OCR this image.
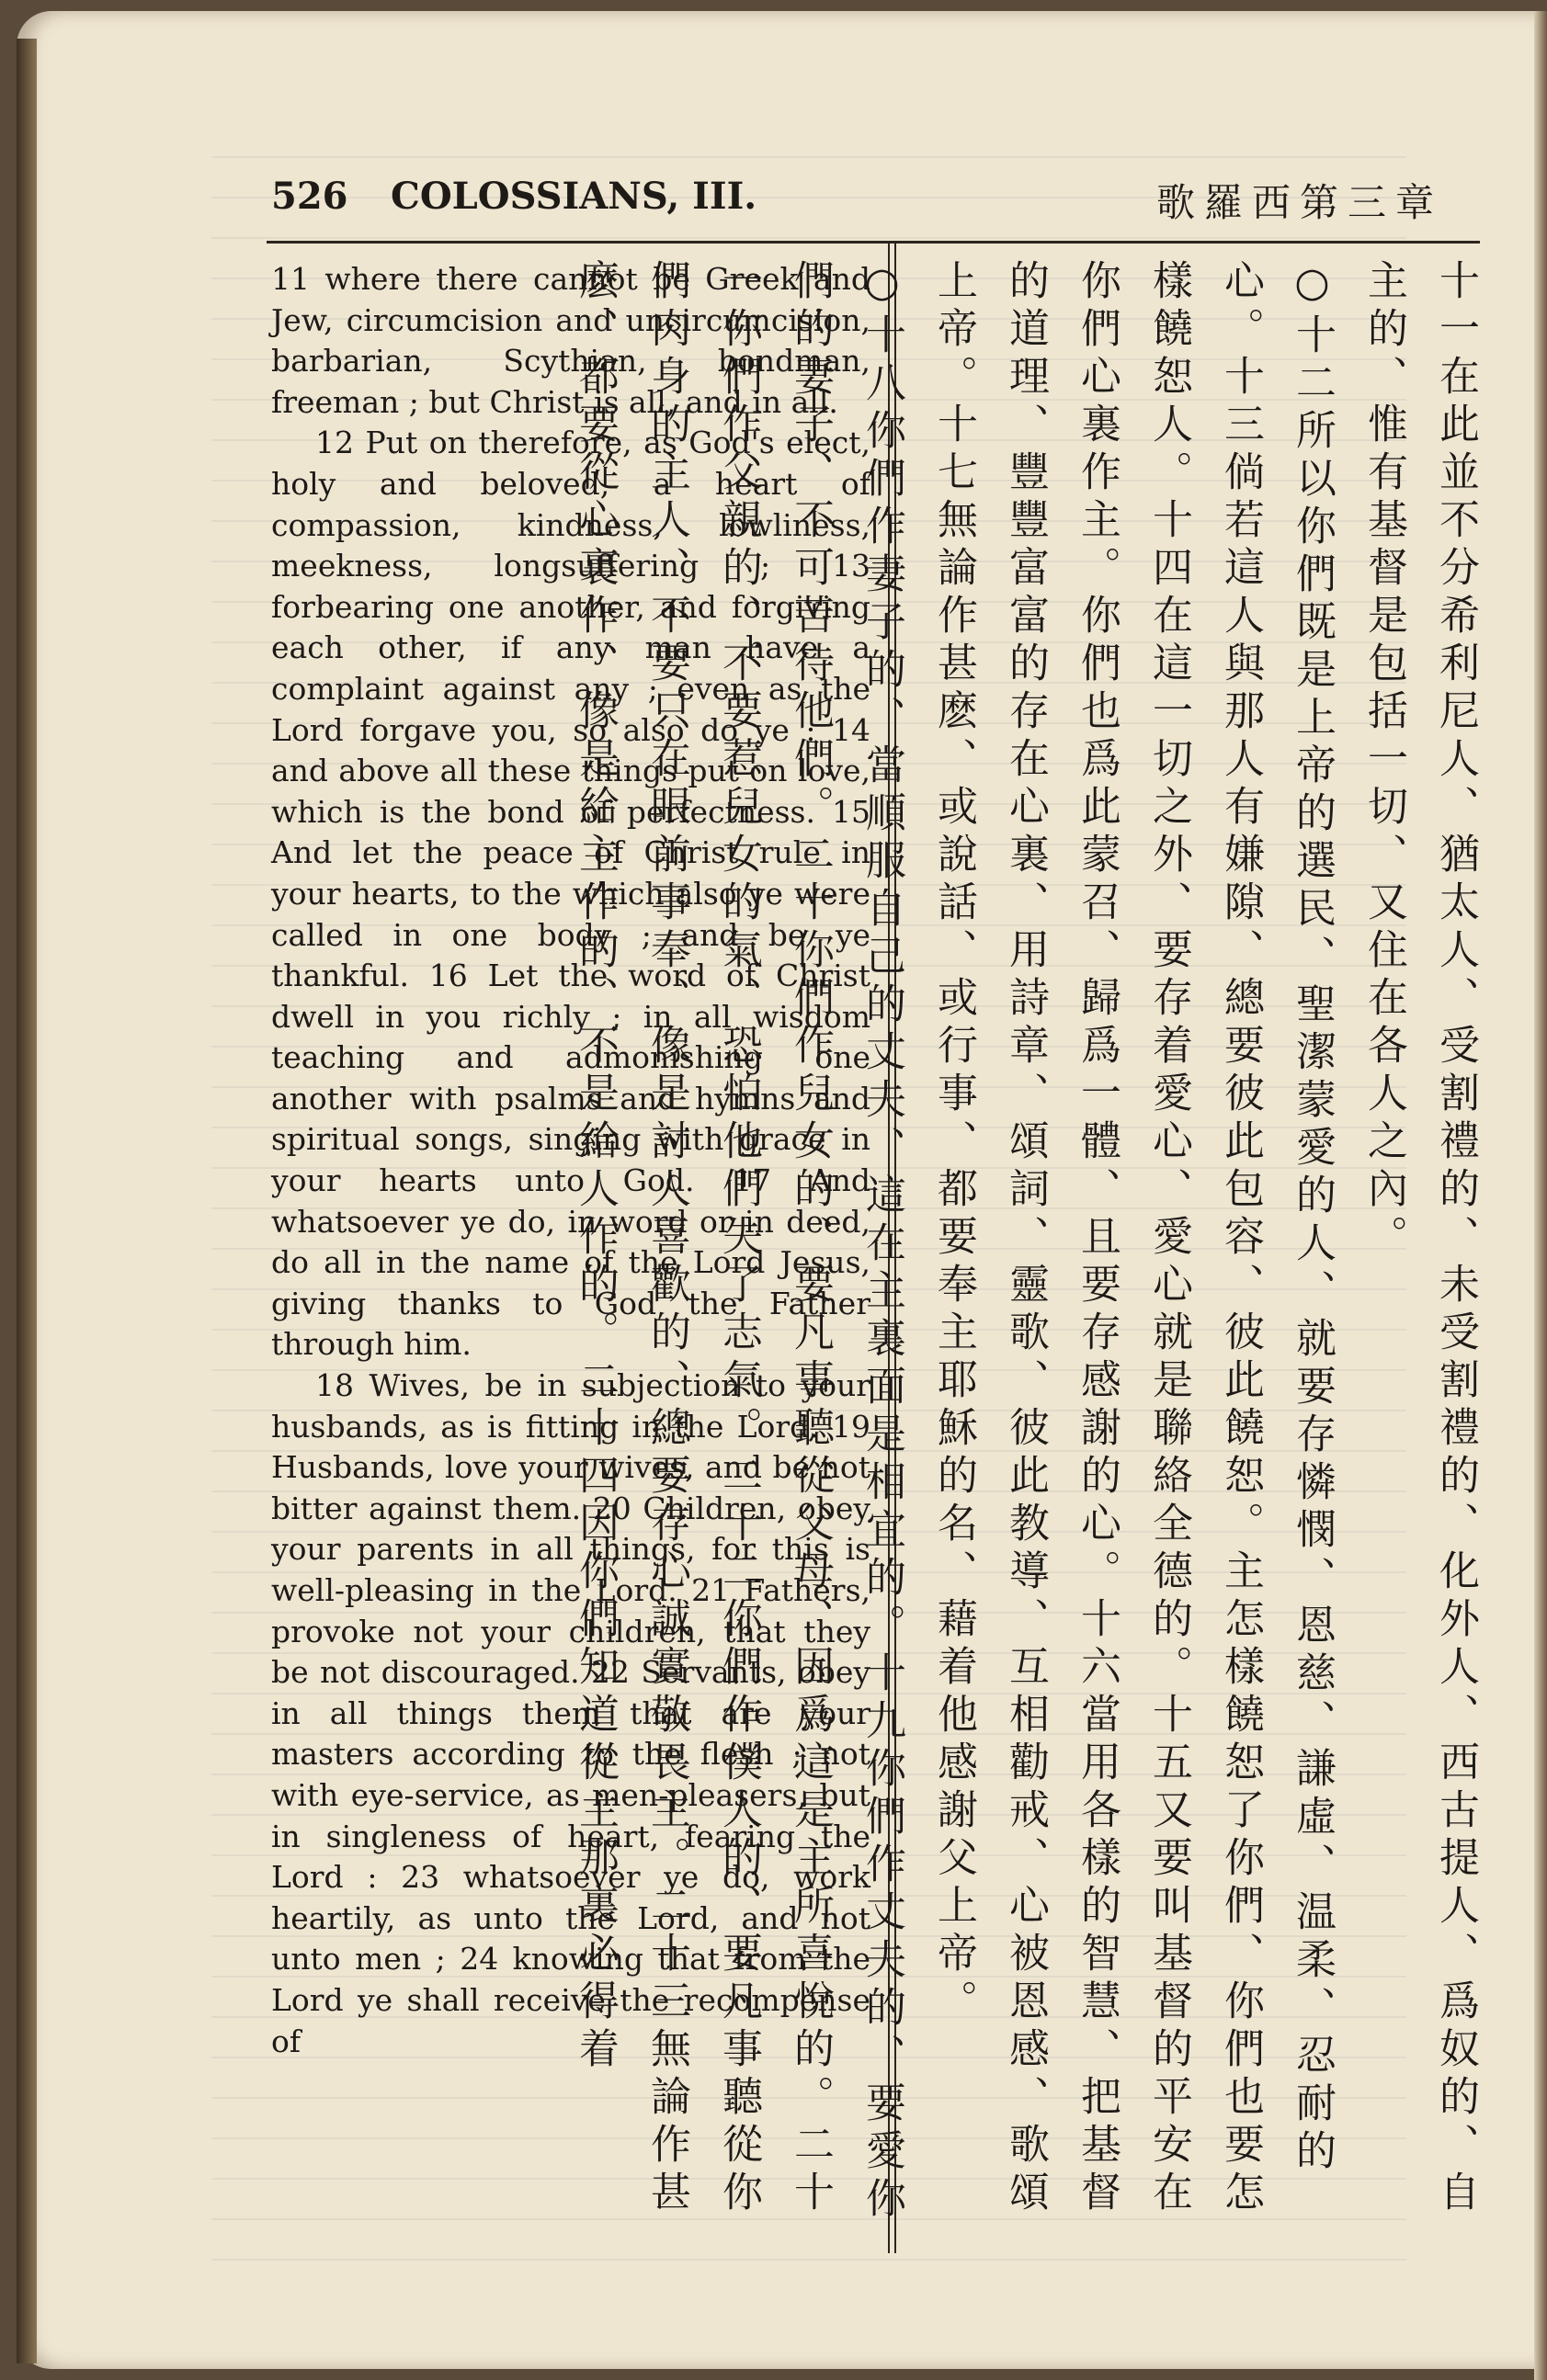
526 COLOSSIANS, III.	歌羅西第三章

11 where there cannot be Greek and Jew, circumcision and uncircumcision, barbarian, Scythian, bondman, freeman ; but Christ is all, and in all.

12 Put on therefore, as God's elect, holy and beloved, a heart of compassion, kindness, lowliness, meekness, longsuffering ; 13 forbearing one another, and forgiving each other, if any man have a complaint against any ; even as the Lord forgave you, so also do ye : 14 and above all these things put on love, which is the bond of perfectness. 15 And let the peace of Christ rule in your hearts, to the which also ye were called in one body ; and be ye thankful. 16 Let the word of Christ dwell in you richly ; in all wisdom teaching and admonishing one another with psalms and hymns and spiritual songs, singing with grace in your hearts unto God. 17 And whatsoever ye do, in word or in deed, do all in the name of the Lord Jesus, giving thanks to God the Father through him.

18 Wives, be in subjection to your husbands, as is fitting in the Lord. 19 Husbands, love your wives, and be not bitter against them. 20 Children, obey your parents in all things, for this is well-pleasing in the Lord. 21 Fathers, provoke not your children, that they be not discouraged. 22 Servants, obey in all things them that are your masters according to the flesh ; not with eye-service, as men-pleasers, but in singleness of heart, fearing the Lord : 23 whatsoever ye do, work heartily, as unto the Lord, and not unto men ; 24 knowing that from the Lord ye shall receive the recompense of	十一在此並不分希利尼人、猶太人、受割禮的、未受割禮的、化外人、西古提人、爲奴的、自主的、惟有基督是包括一切、又住在各人之內。

○十二所以你們既是上帝的選民、聖潔蒙愛的人、就要存憐憫、恩慈、謙虛、温柔、忍耐的心。十三倘若這人與那人有嫌隙、總要彼此包容、彼此饒恕。主怎樣饒恕了你們、你們也要怎樣饒恕人。十四在這一切之外、要存着愛心、愛心就是聯絡全德的。十五又要叫基督的平安在你們心裏作主。你們也爲此蒙召、歸爲一體、且要存感謝的心。十六當用各樣的智慧、把基督的道理、豐豐富富的存在心裏、用詩章、頌詞、靈歌、彼此教導、互相勸戒、心被恩感、歌頌上帝。十七無論作甚麽、或說話、或行事、都要奉主耶穌的名、藉着他感謝父上帝。

○十八你們作妻子的、當順服自己的丈夫、這在主裏面是相宜的。十九你們作丈夫的、要愛你們的妻子、不可苦待他們。二十你們作兒女的、要凡事聽從父母、因爲這是主所喜悅的。二十一你們作父親的、不要惹兒女的氣、恐怕他們失了志氣。二十二你們作僕人的、要凡事聽從你們肉身的主人、不要只在眼前事奉、像是討人喜歡的、總要存心誠實敬畏主。二十三無論作甚麽、都要從心裏作、像是給主作的、不是給人作的。二十四因你們知道從主那裏必得着
